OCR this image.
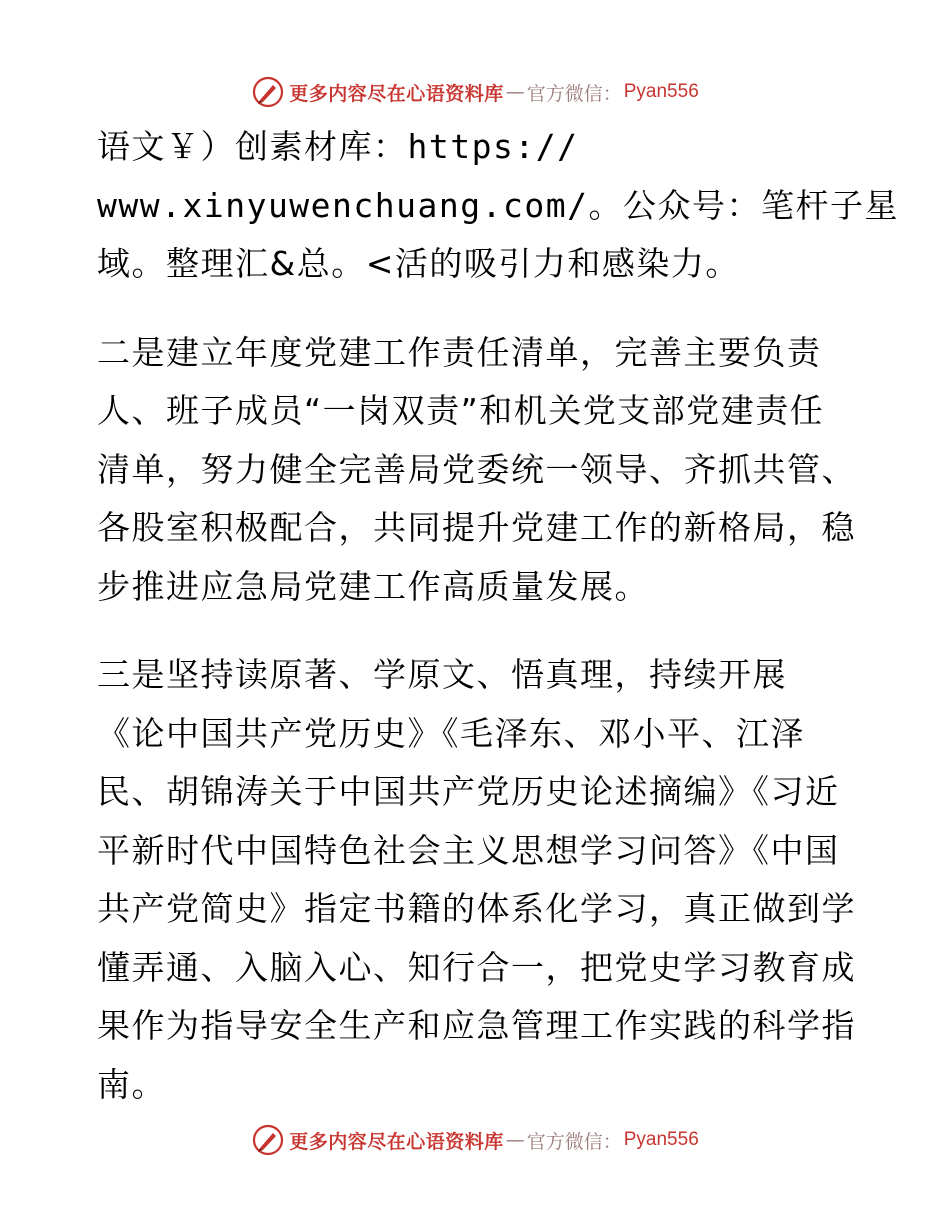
更多内容尽在心语资料库 — 官方微信： Pyan556
语文￥）创素材库：https://
www.xinyuwenchuang.com/。公众号：笔杆子星
域。整理汇&总。<活的吸引力和感染力。
二是建立年度党建工作责任清单，完善主要负责
人、班子成员“一岗双责”和机关党支部党建责任
清单，努力健全完善局党委统一领导、齐抓共管、
各股室积极配合，共同提升党建工作的新格局，稳
步推进应急局党建工作高质量发展。
三是坚持读原著、学原文、悟真理，持续开展
《论中国共产党历史》《毛泽东、邓小平、江泽
民、胡锦涛关于中国共产党历史论述摘编》《习近
平新时代中国特色社会主义思想学习问答》《中国
共产党简史》指定书籍的体系化学习，真正做到学
懂弄通、入脑入心、知行合一，把党史学习教育成
果作为指导安全生产和应急管理工作实践的科学指
南。
更多内容尽在心语资料库 — 官方微信： Pyan556
